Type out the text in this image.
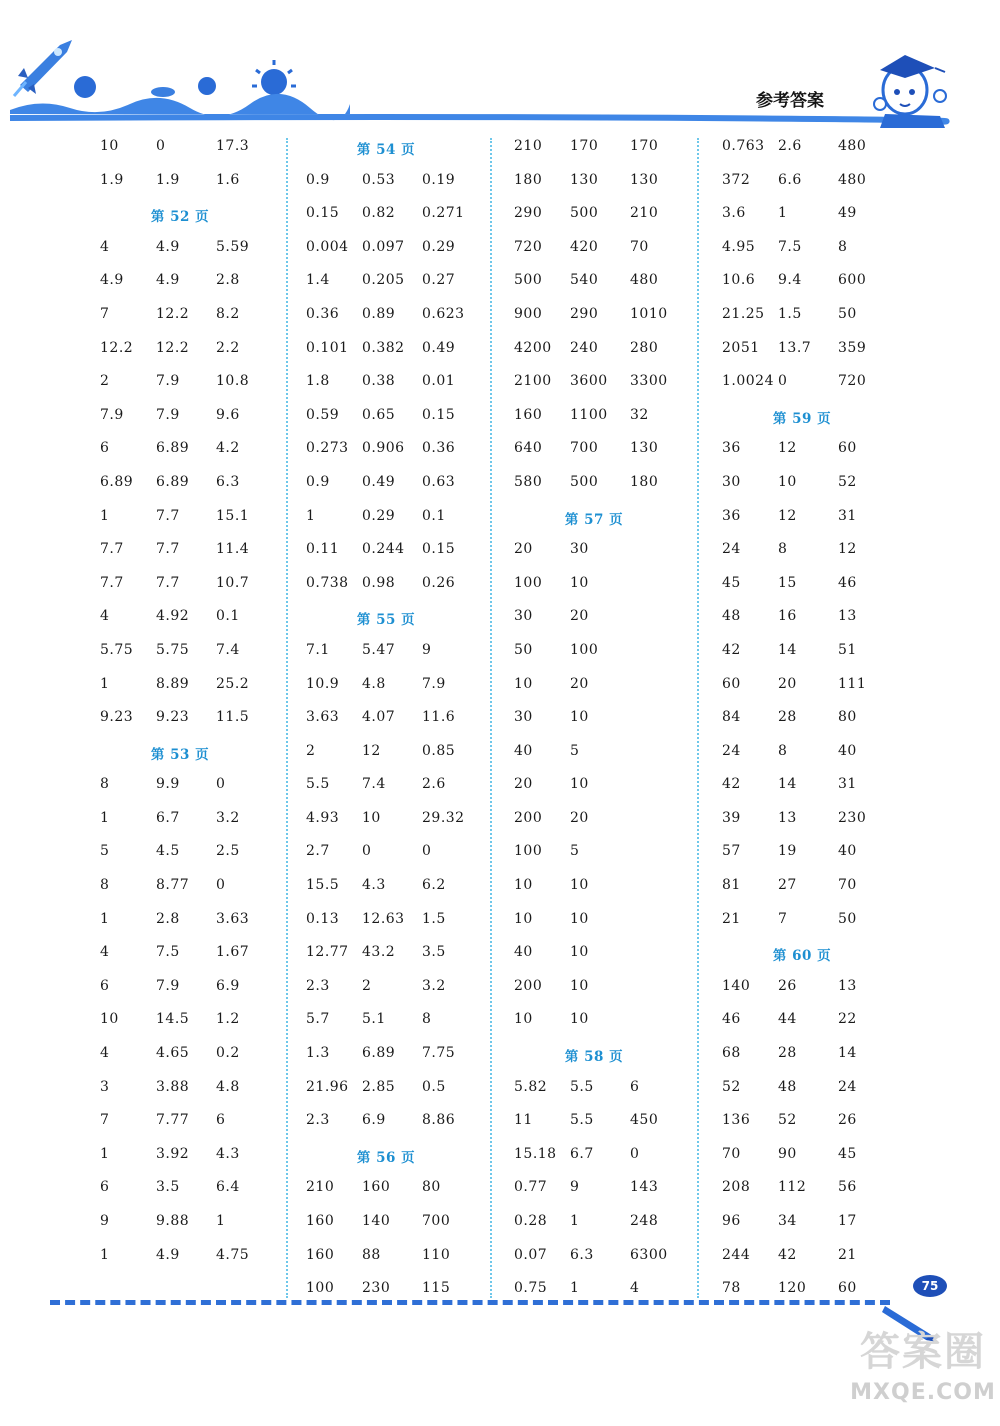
参考答案
10	0	17.3
1.9 1.9	1.6
第 52 页
4	4.9	5.59
4.9 4.9	2.8
7	12.2 8.2
12.2 12.2 2.2
2	7.9	10.8
7.9 7.9	9.6
6	6.89 4.2
6.89 6.89 6.3
1	7.7	15.1
7.7 7.7	11.4
7.7 7.7	10.7
4	4.92 0.1
5.75 5.75 7.4
1	8.89 25.2
9.23 9.23 11.5
第 53 页
8	9.9	0
1	6.7	3.2
5	4.5	2.5
8	8.77 0
1	2.8	3.63
4	7.5	1.67
6	7.9	6.9
10	14.5 1.2
4	4.65 0.2
3	3.88 4.8
7	7.77 6
1	3.92 4.3
6	3.5	6.4
9	9.88 1
1	4.9	4.75
第 54 页
0.9 0.53 0.19
0.15 0.82 0.271
0.004 0.097 0.29
1.4 0.205 0.27
0.36 0.89 0.623
0.101 0.382 0.49
1.8 0.38 0.01
0.59 0.65 0.15
0.273 0.906 0.36
0.9 0.49 0.63
1	0.29 0.1
0.11 0.244 0.15
0.738 0.98 0.26
第 55 页
7.1 5.47 9
10.9 4.8	7.9
3.63 4.07 11.6
2	12	0.85
5.5 7.4	2.6
4.93 10	29.32
2.7 0	0
15.5 4.3	6.2
0.13 12.63 1.5
12.77 43.2 3.5
2.3 2	3.2
5.7 5.1	8
1.3 6.89 7.75
21.96 2.85 0.5
2.3 6.9	8.86
第 56 页
210 160 80
160 140 700
160 88	110
100 230 115
210 170 170
180 130 130
290 500 210
720 420 70
500 540 480
900 290 1010
4200 240 280
2100 3600 3300
160 1100 32
640 700 130
580 500 180
第 57 页
20	30
100 10
30	20
50	100
10	20
30	10
40	5
20	10
200 20
100 5
10	10
10	10
40	10
200 10
10	10
第 58 页
5.82 5.5	6
11	5.5	450
15.18 6.7	0
0.77 9	143
0.28 1	248
0.07 6.3	6300
0.75 1	4
0.763 2.6	480
372 6.6	480
3.6 1	49
4.95 7.5	8
10.6 9.4	600
21.25 1.5	50
2051 13.7 359
1.0024 0	720
第 59 页
36	12	60
30	10	52
36	12	31
24	8	12
45	15	46
48	16	13
42	14	51
60	20	111
84	28	80
24	8	40
42	14	31
39	13	230
57	19	40
81	27	70
21	7	50
第 60 页
140 26	13
46	44	22
68	28	14
52	48	24
136 52	26
70	90	45
208 112 56
96	34	17
244 42	21
78	120 60	75
答案圈
MXQE.COM
